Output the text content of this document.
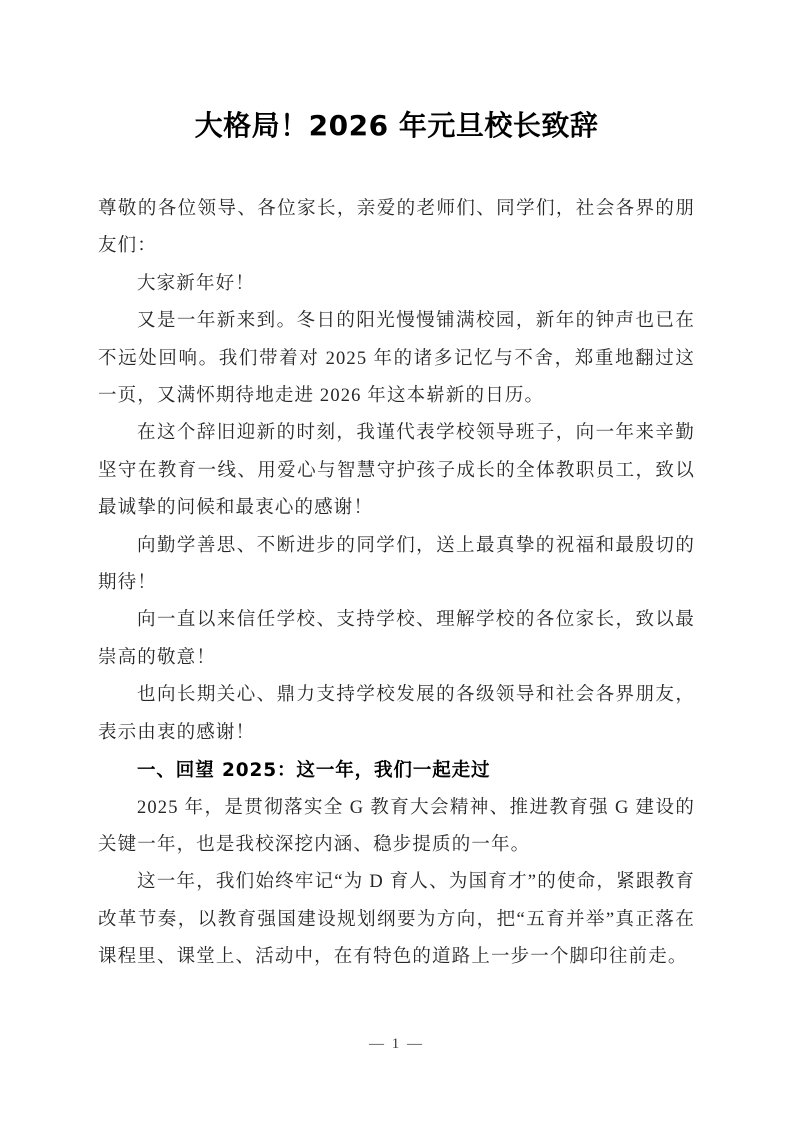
大格局！2026 年元旦校长致辞

尊敬的各位领导、各位家长，亲爱的老师们、同学们，社会各界的朋友们：

大家新年好！

又是一年新来到。冬日的阳光慢慢铺满校园，新年的钟声也已在不远处回响。我们带着对 2025 年的诸多记忆与不舍，郑重地翻过这一页，又满怀期待地走进 2026 年这本崭新的日历。

在这个辞旧迎新的时刻，我谨代表学校领导班子，向一年来辛勤坚守在教育一线、用爱心与智慧守护孩子成长的全体教职员工，致以最诚挚的问候和最衷心的感谢！

向勤学善思、不断进步的同学们，送上最真挚的祝福和最殷切的期待！

向一直以来信任学校、支持学校、理解学校的各位家长，致以最崇高的敬意！

也向长期关心、鼎力支持学校发展的各级领导和社会各界朋友，表示由衷的感谢！

一、回望 2025：这一年，我们一起走过

2025 年，是贯彻落实全 G 教育大会精神、推进教育强 G 建设的关键一年，也是我校深挖内涵、稳步提质的一年。

这一年，我们始终牢记“为 D 育人、为国育才”的使命，紧跟教育改革节奏，以教育强国建设规划纲要为方向，把“五育并举”真正落在课程里、课堂上、活动中，在有特色的道路上一步一个脚印往前走。

— 1 —
